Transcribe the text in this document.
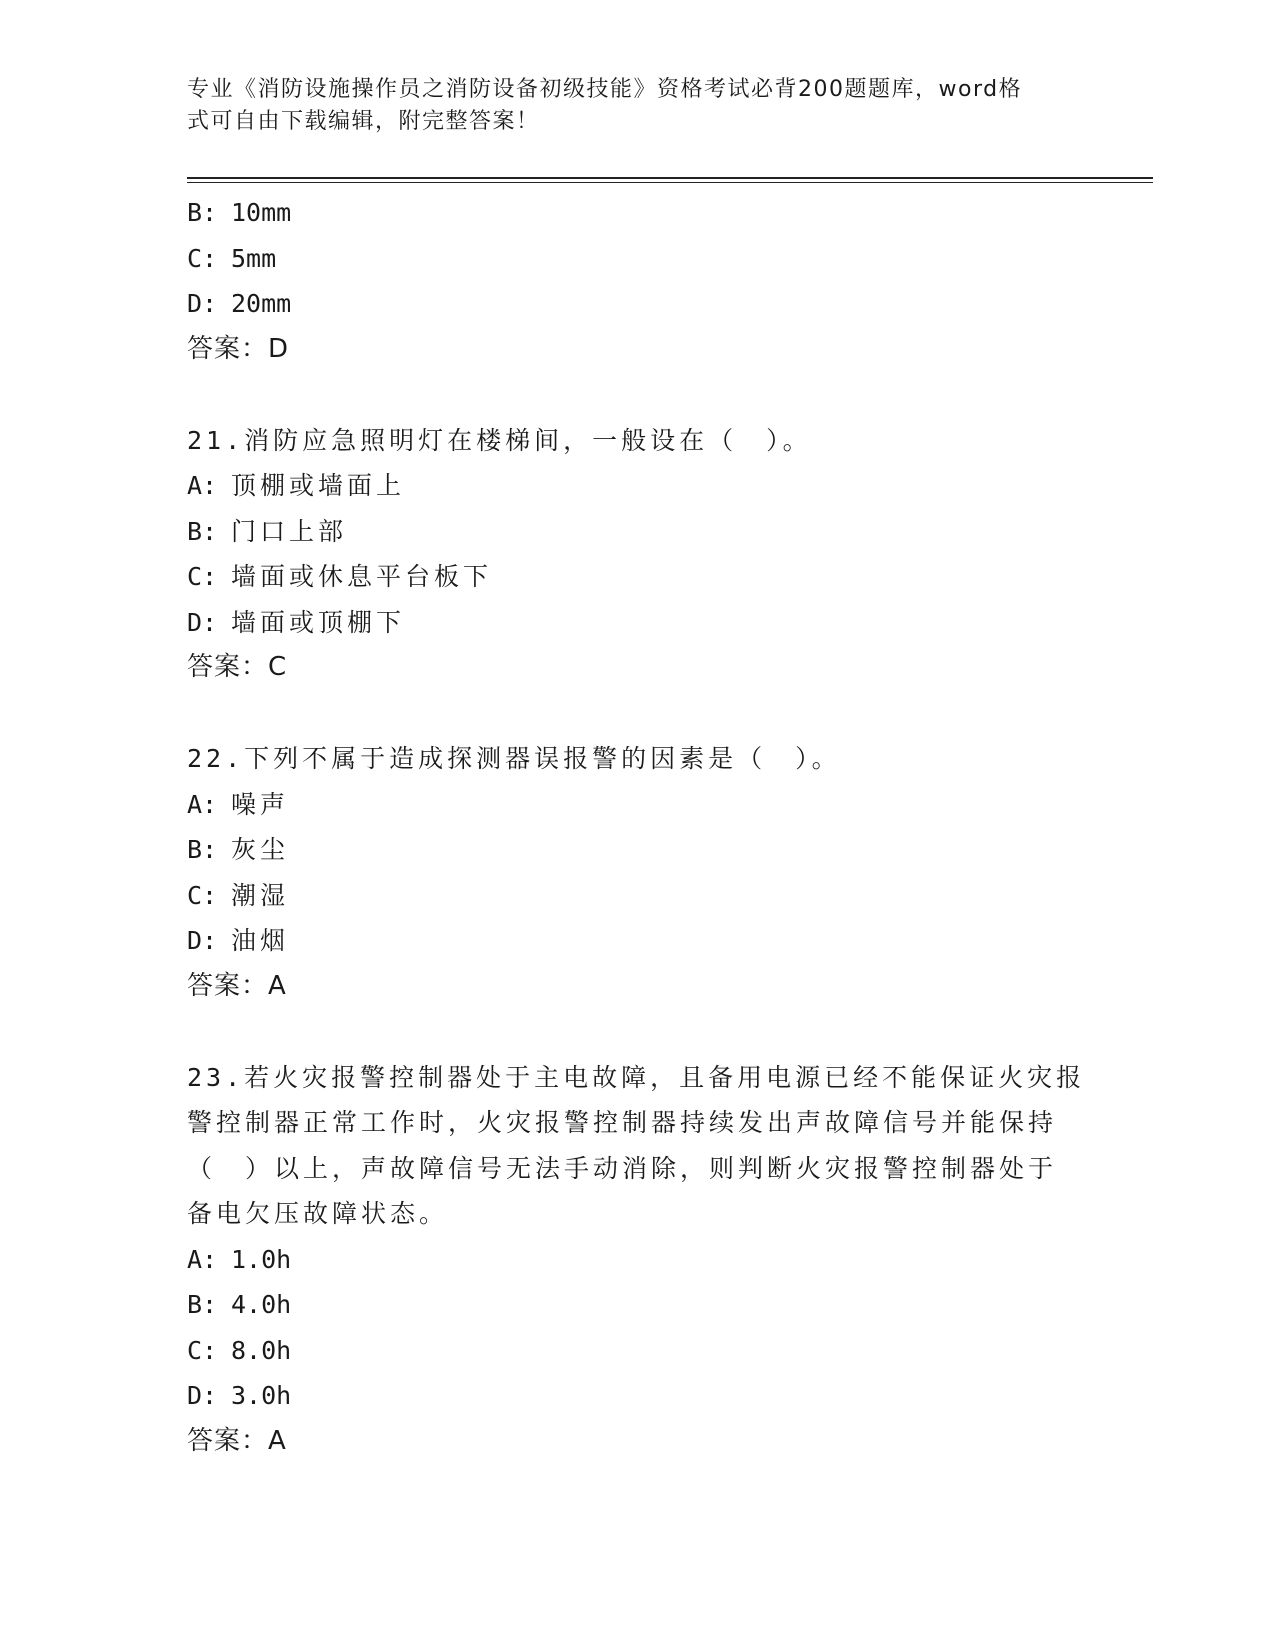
专业《消防设施操作员之消防设备初级技能》资格考试必背200题题库，word格
式可自由下载编辑，附完整答案！
B: 10mm
C: 5mm
D: 20mm
答案：D
21.消防应急照明灯在楼梯间，一般设在（　）。
A: 顶棚或墙面上
B: 门口上部
C: 墙面或休息平台板下
D: 墙面或顶棚下
答案：C
22.下列不属于造成探测器误报警的因素是（　）。
A: 噪声
B: 灰尘
C: 潮湿
D: 油烟
答案：A
23.若火灾报警控制器处于主电故障，且备用电源已经不能保证火灾报
警控制器正常工作时，火灾报警控制器持续发出声故障信号并能保持
（　）以上，声故障信号无法手动消除，则判断火灾报警控制器处于
备电欠压故障状态。
A: 1.0h
B: 4.0h
C: 8.0h
D: 3.0h
答案：A
